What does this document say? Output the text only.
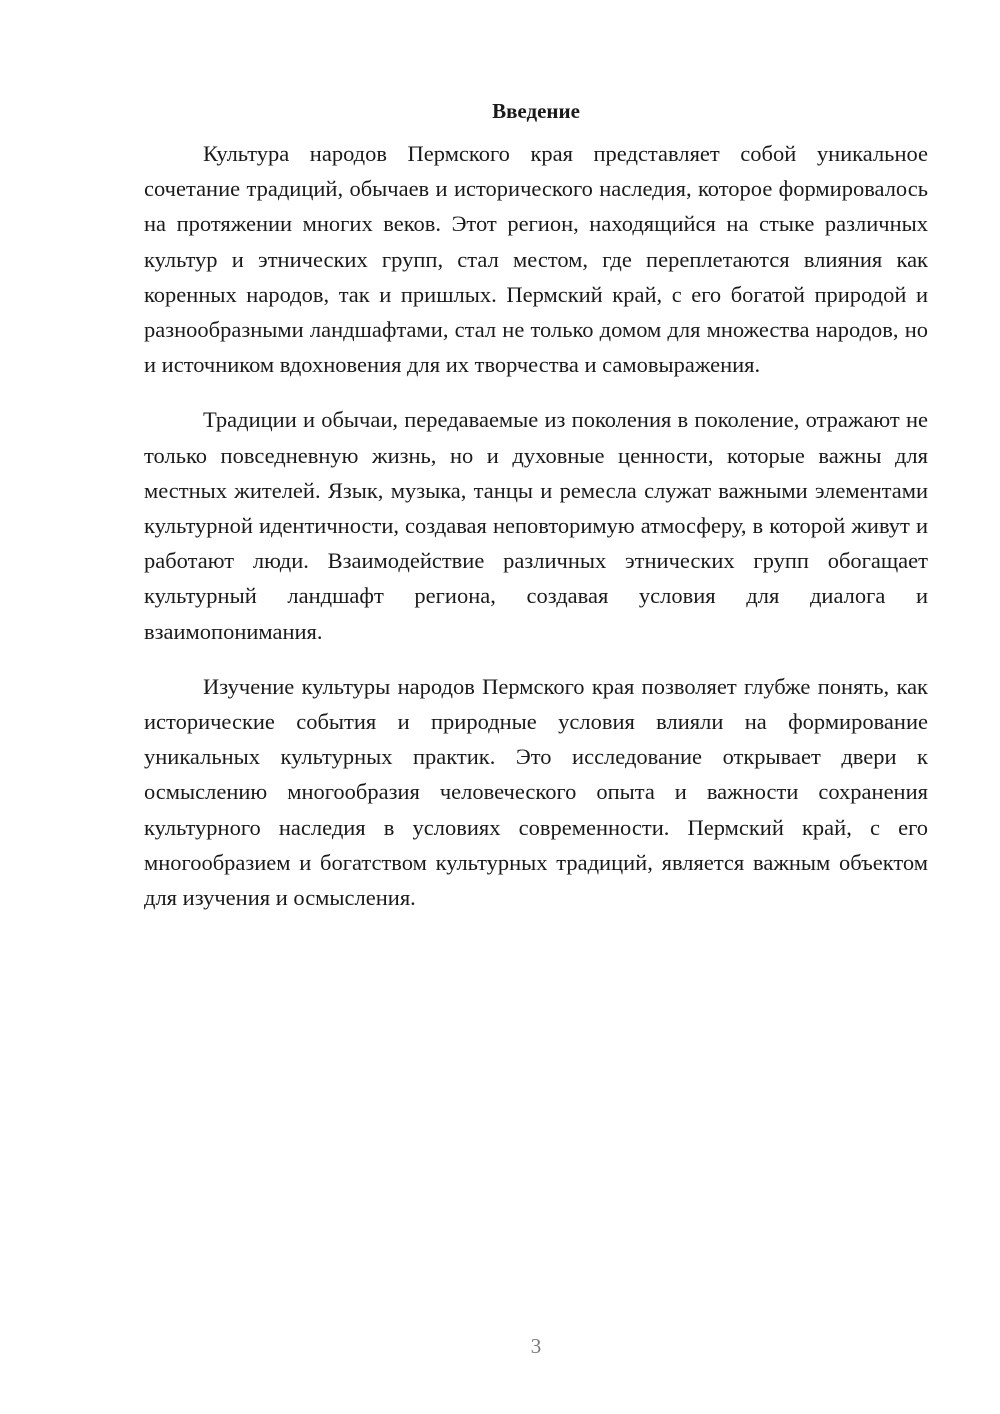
Введение

Культура народов Пермского края представляет собой уникальное сочетание традиций, обычаев и исторического наследия, которое формировалось на протяжении многих веков. Этот регион, находящийся на стыке различных культур и этнических групп, стал местом, где переплетаются влияния как коренных народов, так и пришлых. Пермский край, с его богатой природой и разнообразными ландшафтами, стал не только домом для множества народов, но и источником вдохновения для их творчества и самовыражения.

Традиции и обычаи, передаваемые из поколения в поколение, отражают не только повседневную жизнь, но и духовные ценности, которые важны для местных жителей. Язык, музыка, танцы и ремесла служат важными элементами культурной идентичности, создавая неповторимую атмосферу, в которой живут и работают люди. Взаимодействие различных этнических групп обогащает культурный ландшафт региона, создавая условия для диалога и взаимопонимания.

Изучение культуры народов Пермского края позволяет глубже понять, как исторические события и природные условия влияли на формирование уникальных культурных практик. Это исследование открывает двери к осмыслению многообразия человеческого опыта и важности сохранения культурного наследия в условиях современности. Пермский край, с его многообразием и богатством культурных традиций, является важным объектом для изучения и осмысления.

3
